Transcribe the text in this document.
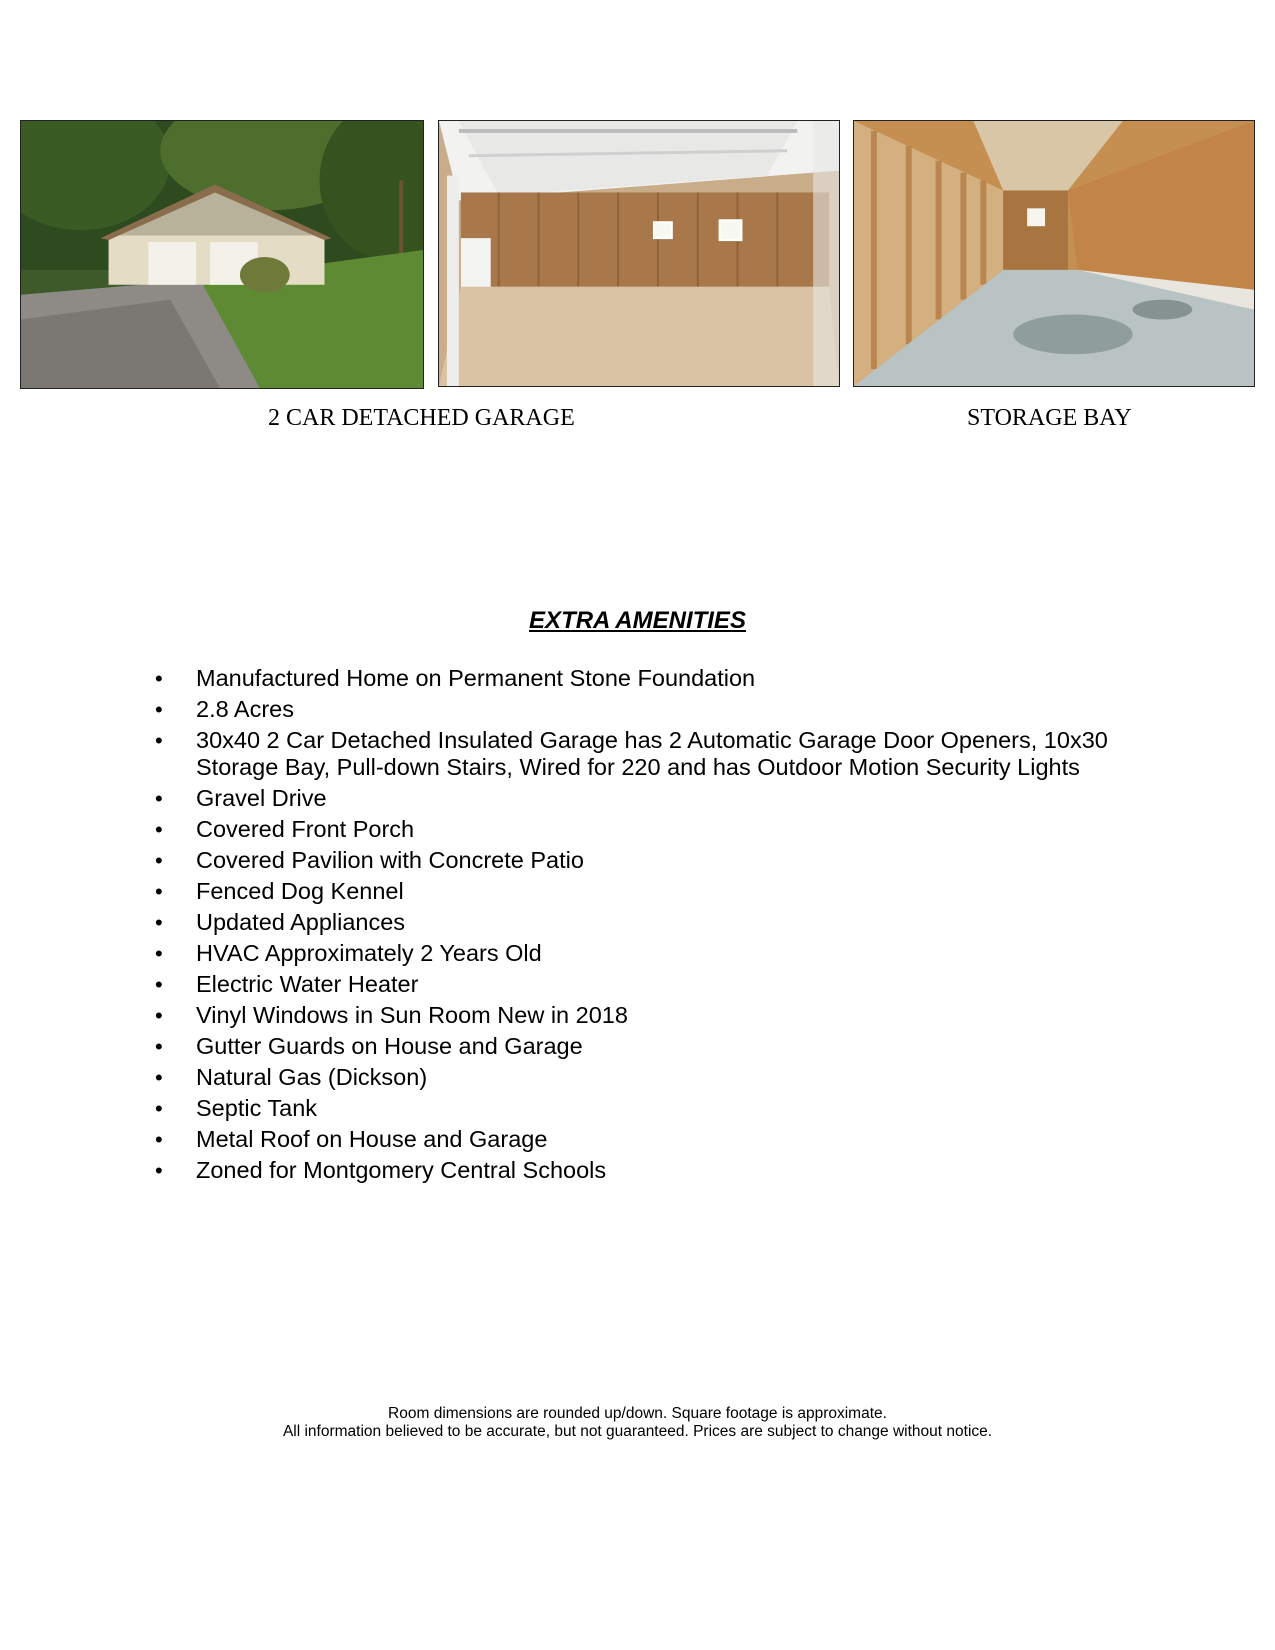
2 CAR DETACHED GARAGE	STORAGE BAY
EXTRA AMENITIES
• Manufactured Home on Permanent Stone Foundation
• 2.8 Acres
• 30x40 2 Car Detached Insulated Garage has 2 Automatic Garage Door Openers, 10x30 Storage Bay, Pull-down Stairs, Wired for 220 and has Outdoor Motion Security Lights
• Gravel Drive
• Covered Front Porch
• Covered Pavilion with Concrete Patio
• Fenced Dog Kennel
• Updated Appliances
• HVAC Approximately 2 Years Old
• Electric Water Heater
• Vinyl Windows in Sun Room New in 2018
• Gutter Guards on House and Garage
• Natural Gas (Dickson)
• Septic Tank
• Metal Roof on House and Garage
• Zoned for Montgomery Central Schools
Room dimensions are rounded up/down. Square footage is approximate.
All information believed to be accurate, but not guaranteed. Prices are subject to change without notice.
